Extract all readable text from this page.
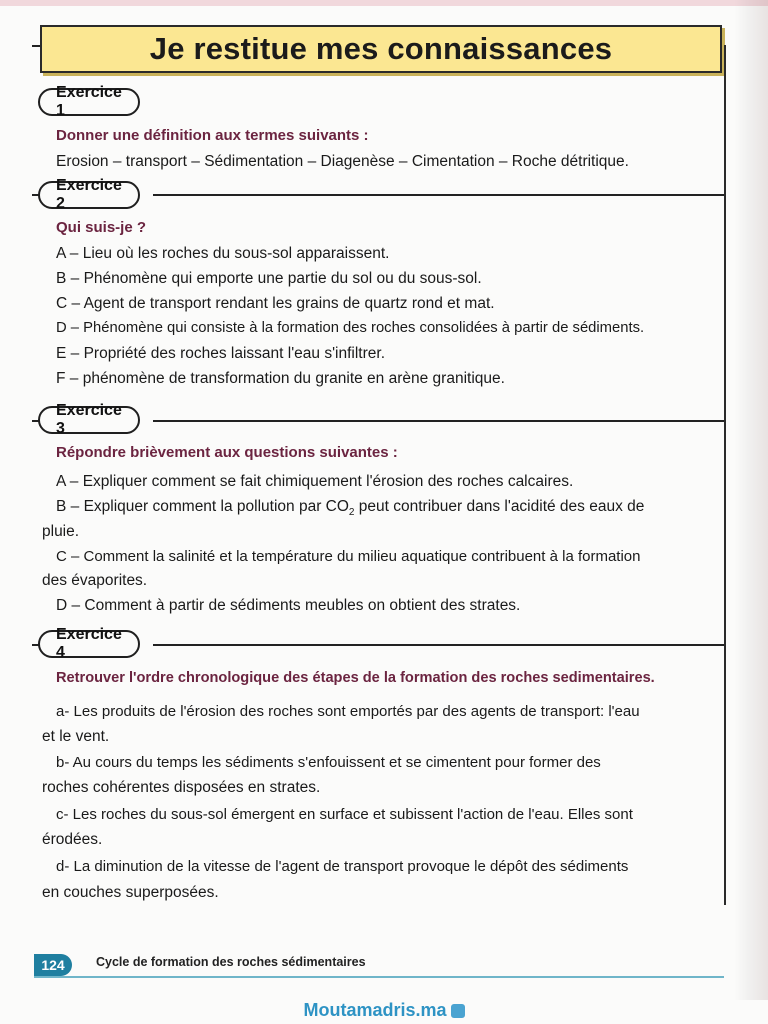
Je restitue mes connaissances
Exercice 1
Donner une définition aux termes suivants :
Erosion – transport – Sédimentation – Diagenèse – Cimentation – Roche détritique.
Exercice 2
Qui suis-je ?
A – Lieu où les roches du sous-sol apparaissent.
B – Phénomène qui emporte une partie du sol ou du sous-sol.
C – Agent de transport rendant les grains de quartz rond et mat.
D – Phénomène qui consiste à la formation des roches consolidées à partir de sédiments.
E – Propriété des roches laissant l'eau s'infiltrer.
F – phénomène de transformation du granite en arène granitique.
Exercice 3
Répondre brièvement aux questions suivantes :
A – Expliquer comment se fait chimiquement l'érosion des roches calcaires.
B – Expliquer comment la pollution par $CO_2$ peut contribuer dans l'acidité des eaux de
pluie.
C – Comment la salinité et la température du milieu aquatique contribuent à la formation
des évaporites.
D – Comment à partir de sédiments meubles on obtient des strates.
Exercice 4
Retrouver l'ordre chronologique des étapes de la formation des roches sedimentaires.
a- Les produits de l'érosion des roches sont emportés par des agents de transport: l'eau
et le vent.
b- Au cours du temps les sédiments s'enfouissent et se cimentent pour former des
roches cohérentes disposées en strates.
c- Les roches du sous-sol émergent en surface et subissent l'action de l'eau. Elles sont
érodées.
d- La diminution de la vitesse de l'agent de transport provoque le dépôt des sédiments
en couches superposées.
124	Cycle de formation des roches sédimentaires
Moutamadris.ma
